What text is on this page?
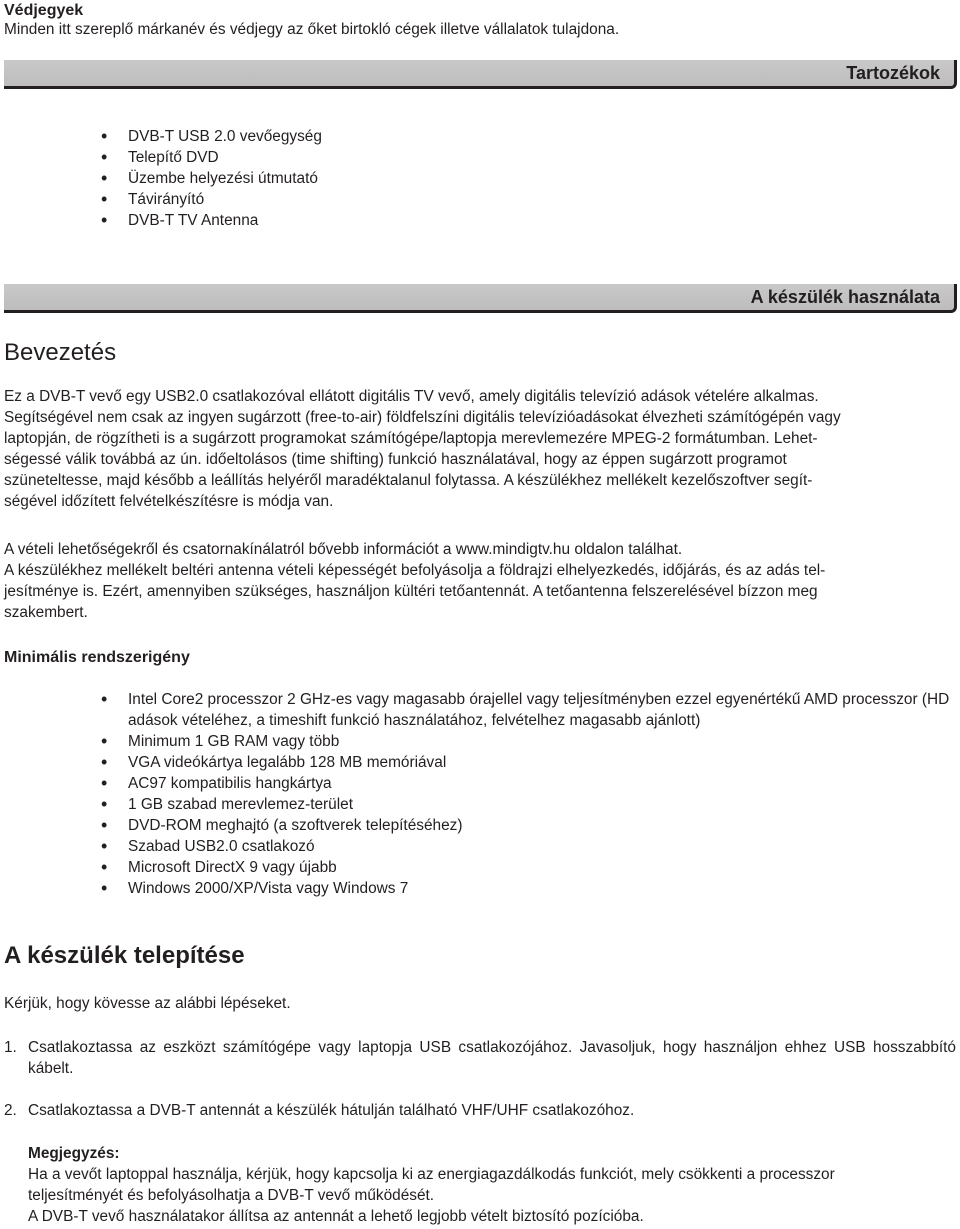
Védjegyek
Minden itt szereplő márkanév és védjegy az őket birtokló cégek illetve vállalatok tulajdona.
Tartozékok
• DVB-T USB 2.0 vevőegység
• Telepítő DVD
• Üzembe helyezési útmutató
• Távirányító
• DVB-T TV Antenna
A készülék használata
Bevezetés
Ez a DVB-T vevő egy USB2.0 csatlakozóval ellátott digitális TV vevő, amely digitális televízió adások vételére alkalmas.
Segítségével nem csak az ingyen sugárzott (free-to-air) földfelszíni digitális televízióadásokat élvezheti számítógépén vagy
laptopján, de rögzítheti is a sugárzott programokat számítógépe/laptopja merevlemezére MPEG-2 formátumban. Lehet-
ségessé válik továbbá az ún. időeltolásos (time shifting) funkció használatával, hogy az éppen sugárzott programot
szüneteltesse, majd később a leállítás helyéről maradéktalanul folytassa. A készülékhez mellékelt kezelőszoftver segít-
ségével időzített felvételkészítésre is módja van.
A vételi lehetőségekről és csatornakínálatról bővebb információt a www.mindigtv.hu oldalon találhat.
A készülékhez mellékelt beltéri antenna vételi képességét befolyásolja a földrajzi elhelyezkedés, időjárás, és az adás tel-
jesítménye is. Ezért, amennyiben szükséges, használjon kültéri tetőantennát. A tetőantenna felszerelésével bízzon meg
szakembert.
Minimális rendszerigény
• Intel Core2 processzor 2 GHz-es vagy magasabb órajellel vagy teljesítményben ezzel egyenértékű AMD processzor (HD adások vételéhez, a timeshift funkció használatához, felvételhez magasabb ajánlott)
• Minimum 1 GB RAM vagy több
• VGA videókártya legalább 128 MB memóriával
• AC97 kompatibilis hangkártya
• 1 GB szabad merevlemez-terület
• DVD-ROM meghajtó (a szoftverek telepítéséhez)
• Szabad USB2.0 csatlakozó
• Microsoft DirectX 9 vagy újabb
• Windows 2000/XP/Vista vagy Windows 7
A készülék telepítése
Kérjük, hogy kövesse az alábbi lépéseket.
1. Csatlakoztassa az eszközt számítógépe vagy laptopja USB csatlakozójához. Javasoljuk, hogy használjon ehhez USB hosszabbító kábelt.
2. Csatlakoztassa a DVB-T antennát a készülék hátulján található VHF/UHF csatlakozóhoz.
Megjegyzés:
Ha a vevőt laptoppal használja, kérjük, hogy kapcsolja ki az energiagazdálkodás funkciót, mely csökkenti a processzor
teljesítményét és befolyásolhatja a DVB-T vevő működését.
A DVB-T vevő használatakor állítsa az antennát a lehető legjobb vételt biztosító pozícióba.
